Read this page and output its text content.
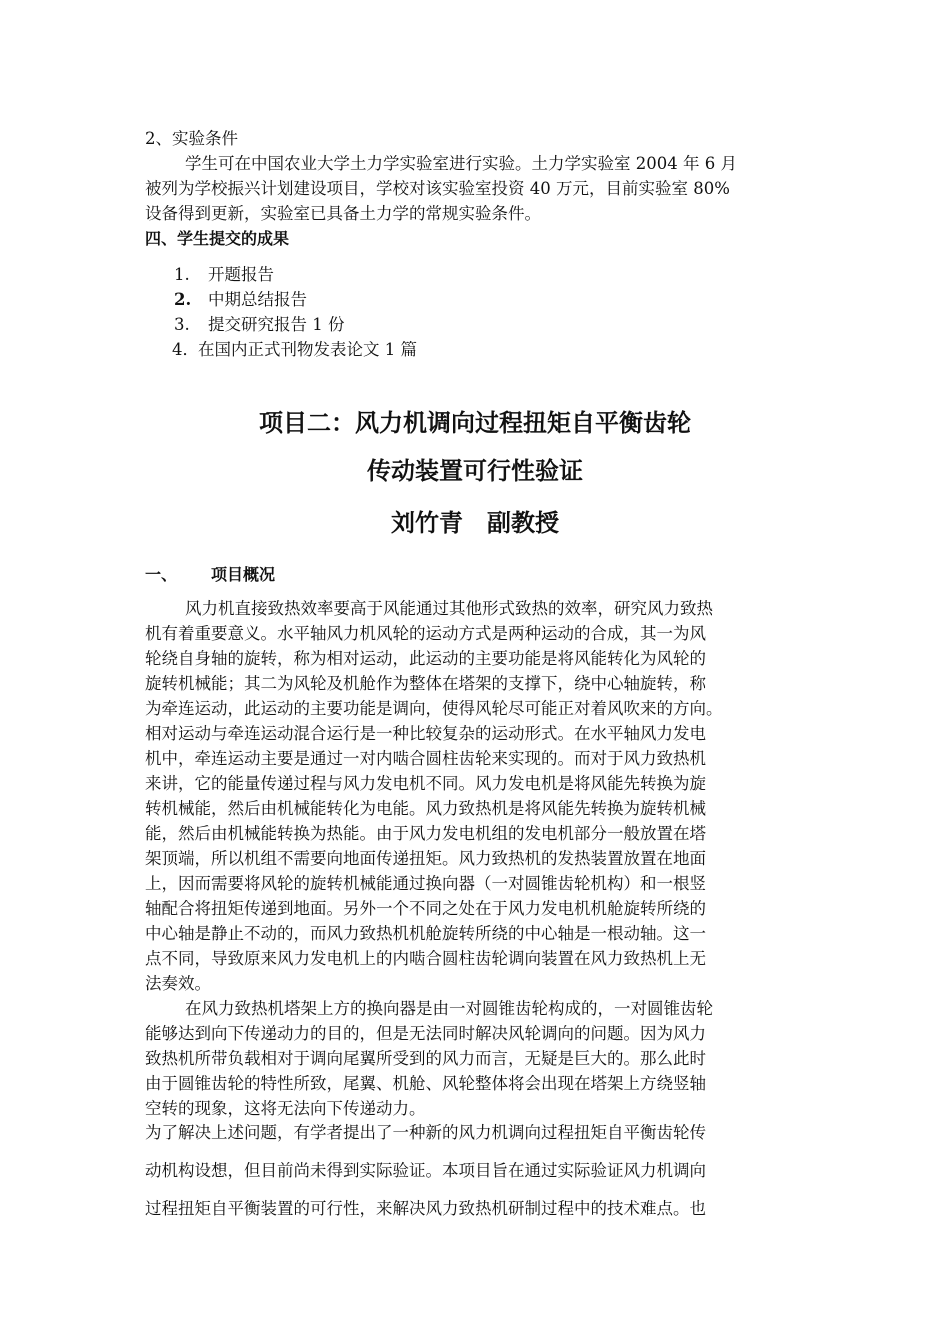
2、实验条件
学生可在中国农业大学土力学实验室进行实验。土力学实验室 2004 年 6 月
被列为学校振兴计划建设项目，学校对该实验室投资 40 万元，目前实验室 80%
设备得到更新，实验室已具备土力学的常规实验条件。
四、学生提交的成果
1. 开题报告
2. 中期总结报告
3. 提交研究报告 1 份
4．在国内正式刊物发表论文 1 篇
项目二：风力机调向过程扭矩自平衡齿轮
传动装置可行性验证
刘竹青　副教授
一、 项目概况
风力机直接致热效率要高于风能通过其他形式致热的效率，研究风力致热
机有着重要意义。水平轴风力机风轮的运动方式是两种运动的合成，其一为风
轮绕自身轴的旋转，称为相对运动，此运动的主要功能是将风能转化为风轮的
旋转机械能；其二为风轮及机舱作为整体在塔架的支撑下，绕中心轴旋转，称
为牵连运动，此运动的主要功能是调向，使得风轮尽可能正对着风吹来的方向。
相对运动与牵连运动混合运行是一种比较复杂的运动形式。在水平轴风力发电
机中，牵连运动主要是通过一对内啮合圆柱齿轮来实现的。而对于风力致热机
来讲，它的能量传递过程与风力发电机不同。风力发电机是将风能先转换为旋
转机械能，然后由机械能转化为电能。风力致热机是将风能先转换为旋转机械
能，然后由机械能转换为热能。由于风力发电机组的发电机部分一般放置在塔
架顶端，所以机组不需要向地面传递扭矩。风力致热机的发热装置放置在地面
上，因而需要将风轮的旋转机械能通过换向器（一对圆锥齿轮机构）和一根竖
轴配合将扭矩传递到地面。另外一个不同之处在于风力发电机机舱旋转所绕的
中心轴是静止不动的，而风力致热机机舱旋转所绕的中心轴是一根动轴。这一
点不同，导致原来风力发电机上的内啮合圆柱齿轮调向装置在风力致热机上无
法奏效。
在风力致热机塔架上方的换向器是由一对圆锥齿轮构成的，一对圆锥齿轮
能够达到向下传递动力的目的，但是无法同时解决风轮调向的问题。因为风力
致热机所带负载相对于调向尾翼所受到的风力而言，无疑是巨大的。那么此时
由于圆锥齿轮的特性所致，尾翼、机舱、风轮整体将会出现在塔架上方绕竖轴
空转的现象，这将无法向下传递动力。
为了解决上述问题，有学者提出了一种新的风力机调向过程扭矩自平衡齿轮传
动机构设想，但目前尚未得到实际验证。本项目旨在通过实际验证风力机调向
过程扭矩自平衡装置的可行性，来解决风力致热机研制过程中的技术难点。也
